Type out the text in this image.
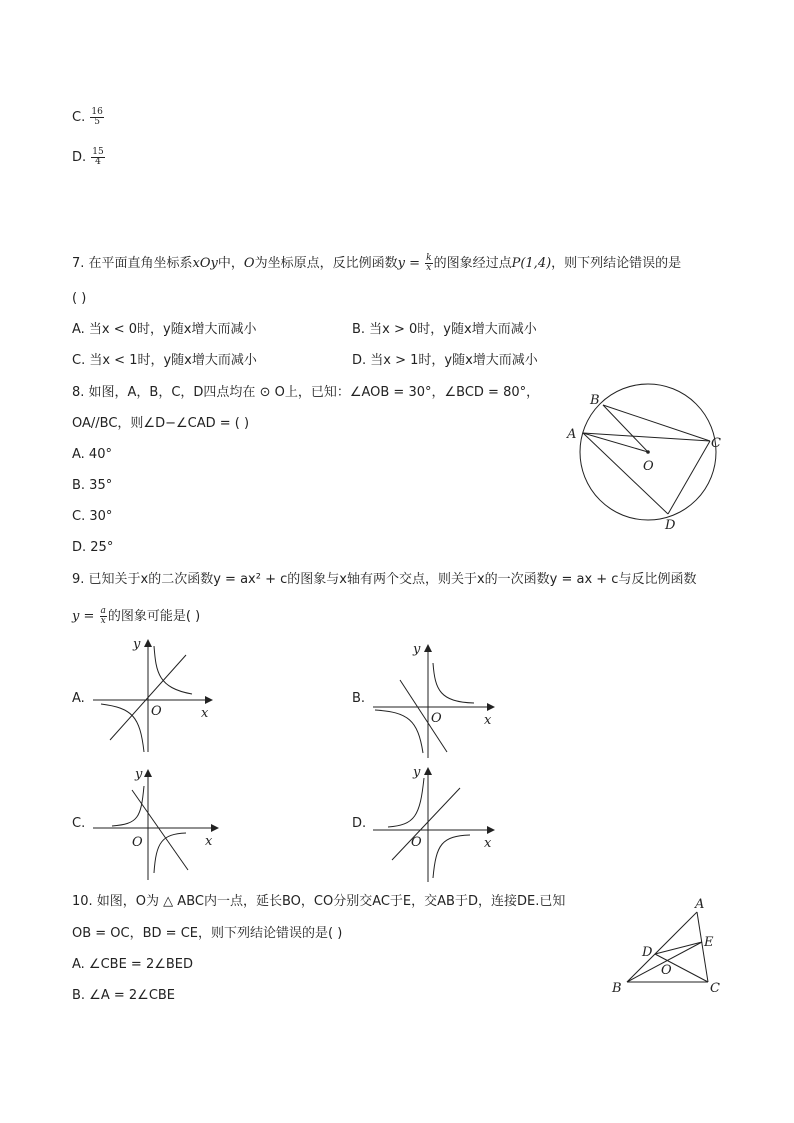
C. $\frac{16}{5}$
D. $\frac{15}{4}$
7. 在平面直角坐标系xOy中，O为坐标原点，反比例函数$y = \frac{k}{x}$ 的图象经过点P(1,4)，则下列结论错误的是
( )
A. 当x < 0时，y随x增大而减小	B. 当x > 0时，y随x增大而减小
C. 当x < 1时，y随x增大而减小	D. 当x > 1时，y随x增大而减小
8. 如图，A，B，C，D四点均在 ⊙ O上，已知：∠AOB = 30°，∠BCD = 80°，
OA//BC，则∠D−∠CAD = ( )
A. 40°
B. 35°
C. 30°
D. 25°
B
A
C
O
D
9. 已知关于x的二次函数y = ax² + c的图象与x轴有两个交点，则关于x的一次函数y = ax + c与反比例函数
$y = \frac{a}{x}$ 的图象可能是( )
A.	B.
C.	D.
y
x
O
y
x
O
y
x
O
y
x
O
10. 如图，O为 △ ABC内一点，延长BO，CO分别交AC于E，交AB于D，连接DE.已知
OB = OC，BD = CE，则下列结论错误的是( )
A. ∠CBE = 2∠BED
B. ∠A = 2∠CBE
A
D
E
O
B	C
